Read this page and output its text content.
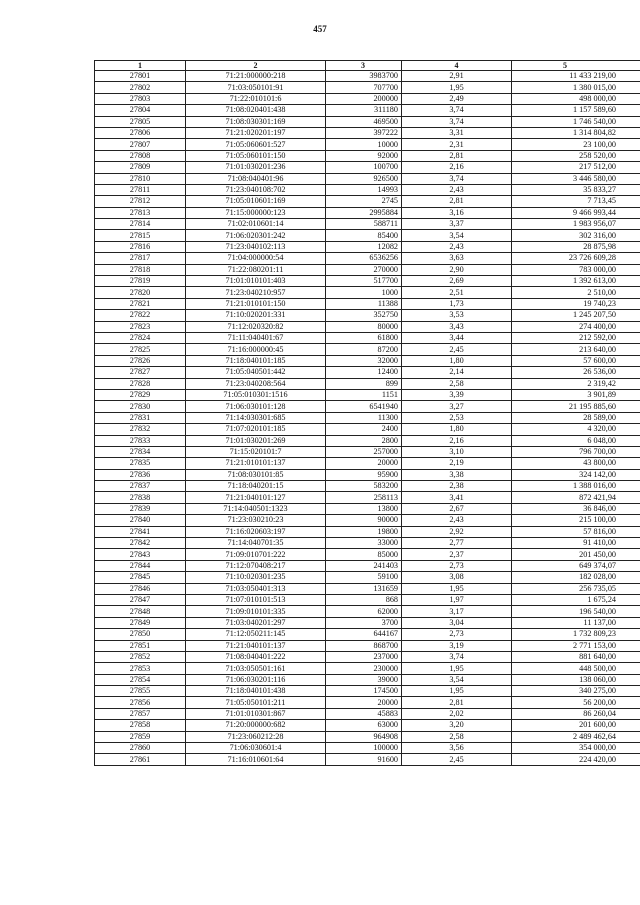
457
1	2	3	4	5
27801	71:21:000000:218	3983700	2,91	11 433 219,00
27802	71:03:050101:91	707700	1,95	1 380 015,00
27803	71:22:010101:6	200000	2,49	498 000,00
27804	71:08:020401:438	311180	3,74	1 157 589,60
27805	71:08:030301:169	469500	3,74	1 746 540,00
27806	71:21:020201:197	397222	3,31	1 314 804,82
27807	71:05:060601:527	10000	2,31	23 100,00
27808	71:05:060101:150	92000	2,81	258 520,00
27809	71:01:030201:236	100700	2,16	217 512,00
27810	71:08:040401:96	926500	3,74	3 446 580,00
27811	71:23:040108:702	14993	2,43	35 833,27
27812	71:05:010601:169	2745	2,81	7 713,45
27813	71:15:000000:123	2995884	3,16	9 466 993,44
27814	71:02:010601:14	588711	3,37	1 983 956,07
27815	71:06:020301:242	85400	3,54	302 316,00
27816	71:23:040102:113	12082	2,43	28 875,98
27817	71:04:000000:54	6536256	3,63	23 726 609,28
27818	71:22:080201:11	270000	2,90	783 000,00
27819	71:01:010101:403	517700	2,69	1 392 613,00
27820	71:23:040210:957	1000	2,51	2 510,00
27821	71:21:010101:150	11388	1,73	19 740,23
27822	71:10:020201:331	352750	3,53	1 245 207,50
27823	71:12:020320:82	80000	3,43	274 400,00
27824	71:11:040401:67	61800	3,44	212 592,00
27825	71:16:000000:45	87200	2,45	213 640,00
27826	71:18:040101:185	32000	1,80	57 600,00
27827	71:05:040501:442	12400	2,14	26 536,00
27828	71:23:040208:564	899	2,58	2 319,42
27829	71:05:010301:1516	1151	3,39	3 901,89
27830	71:06:030101:128	6541940	3,27	21 195 885,60
27831	71:14:030301:685	11300	2,53	28 589,00
27832	71:07:020101:185	2400	1,80	4 320,00
27833	71:01:030201:269	2800	2,16	6 048,00
27834	71:15:020101:7	257000	3,10	796 700,00
27835	71:21:010101:137	20000	2,19	43 800,00
27836	71:08:030101:85	95900	3,38	324 142,00
27837	71:18:040201:15	583200	2,38	1 388 016,00
27838	71:21:040101:127	258113	3,41	872 421,94
27839	71:14:040501:1323	13800	2,67	36 846,00
27840	71:23:030210:23	90000	2,43	215 100,00
27841	71:16:020603:197	19800	2,92	57 816,00
27842	71:14:040701:35	33000	2,77	91 410,00
27843	71:09:010701:222	85000	2,37	201 450,00
27844	71:12:070408:217	241403	2,73	649 374,07
27845	71:10:020301:235	59100	3,08	182 028,00
27846	71:03:050401:313	131659	1,95	256 735,05
27847	71:07:010101:513	868	1,97	1 675,24
27848	71:09:010101:335	62000	3,17	196 540,00
27849	71:03:040201:297	3700	3,04	11 137,00
27850	71:12:050211:145	644167	2,73	1 732 809,23
27851	71:21:040101:137	868700	3,19	2 771 153,00
27852	71:08:040401:222	237000	3,74	881 640,00
27853	71:03:050501:161	230000	1,95	448 500,00
27854	71:06:030201:116	39000	3,54	138 060,00
27855	71:18:040101:438	174500	1,95	340 275,00
27856	71:05:050101:211	20000	2,81	56 200,00
27857	71:01:010301:867	45883	2,02	86 260,04
27858	71:20:000000:682	63000	3,20	201 600,00
27859	71:23:060212:28	964908	2,58	2 489 462,64
27860	71:06:030601:4	100000	3,56	354 000,00
27861	71:16:010601:64	91600	2,45	224 420,00
